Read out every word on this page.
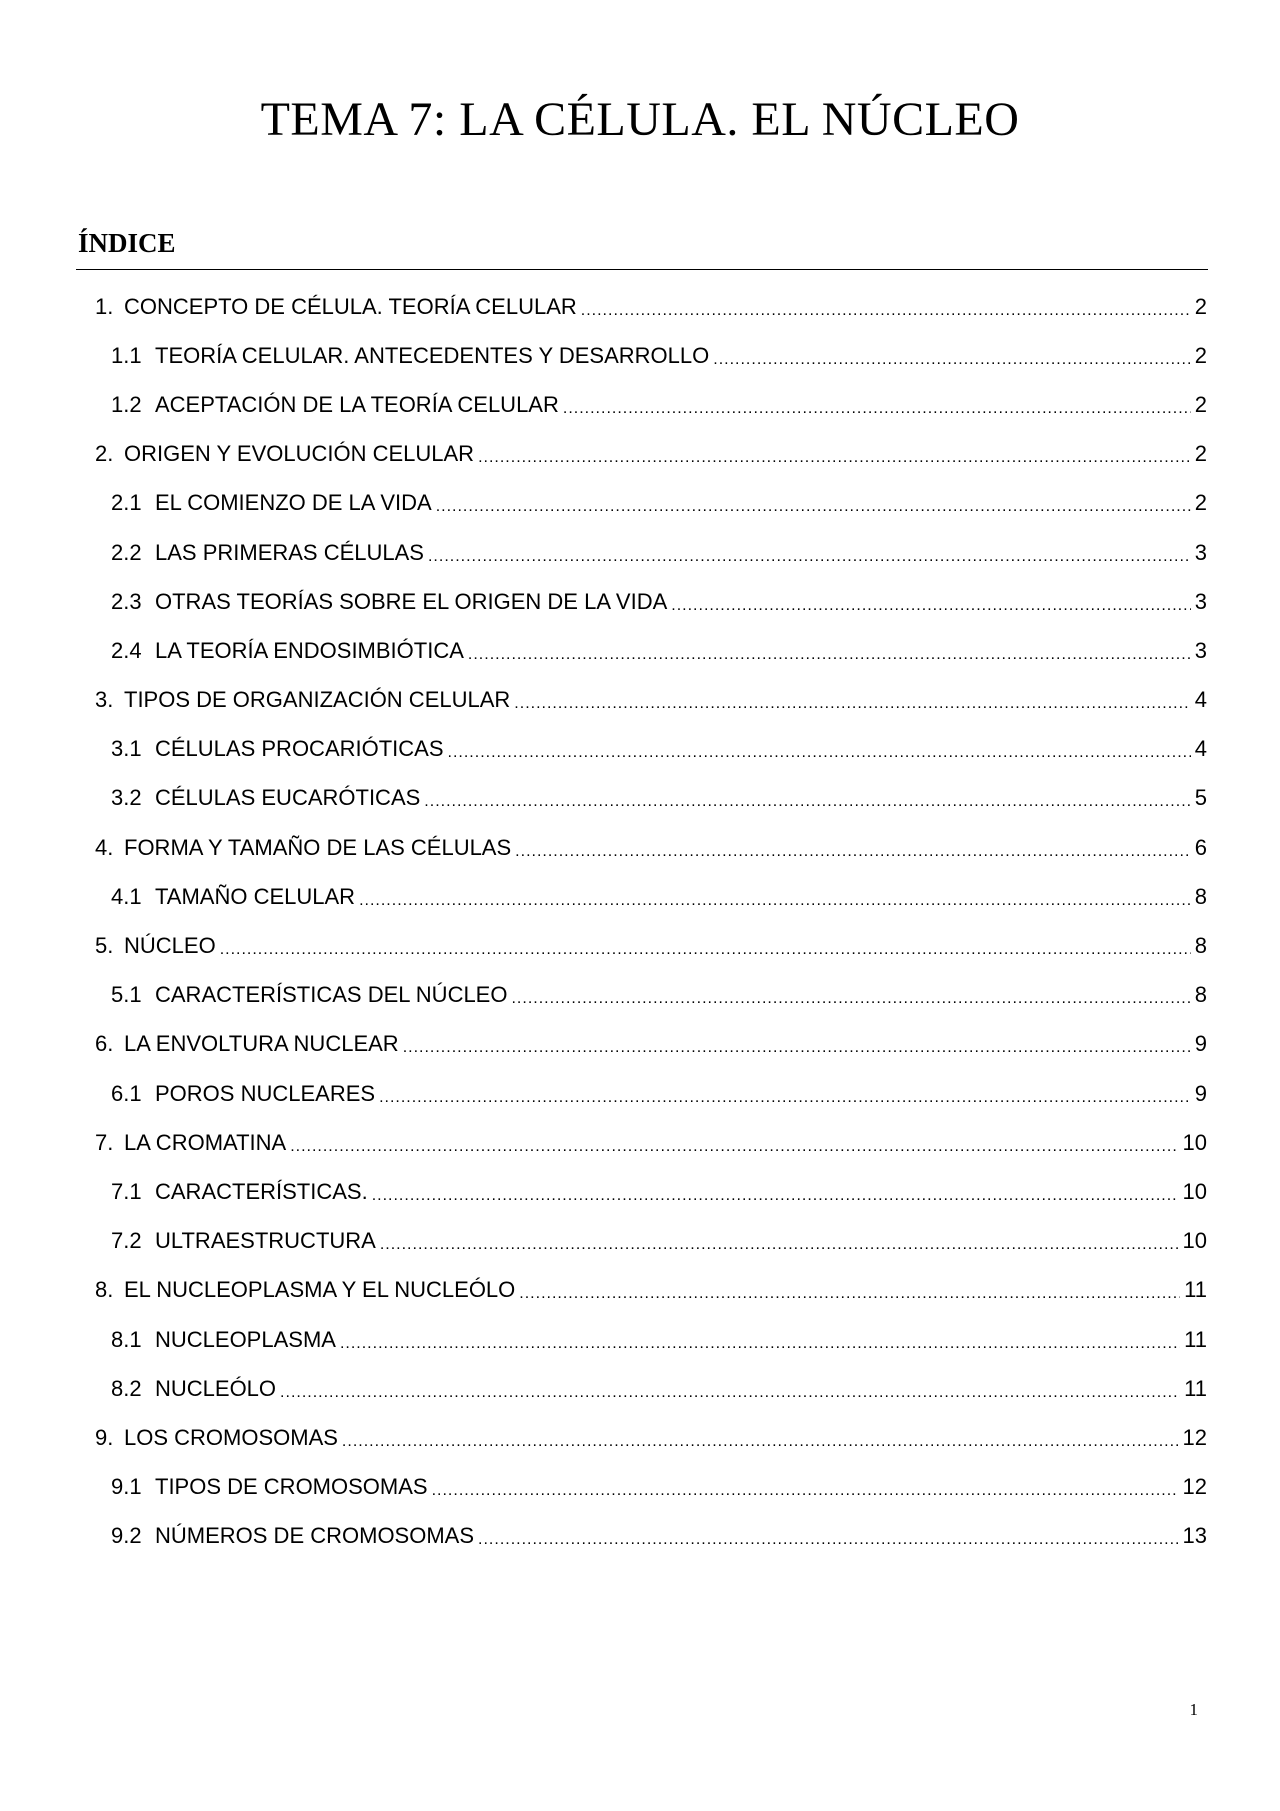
TEMA 7: LA CÉLULA. EL NÚCLEO
ÍNDICE
1. CONCEPTO DE CÉLULA. TEORÍA CELULAR .....	2
1.1 TEORÍA CELULAR. ANTECEDENTES Y DESARROLLO .....	2
1.2 ACEPTACIÓN DE LA TEORÍA CELULAR .....	2
2. ORIGEN Y EVOLUCIÓN CELULAR .....	2
2.1 EL COMIENZO DE LA VIDA .....	2
2.2 LAS PRIMERAS CÉLULAS .....	3
2.3 OTRAS TEORÍAS SOBRE EL ORIGEN DE LA VIDA .....	3
2.4 LA TEORÍA ENDOSIMBIÓTICA .....	3
3. TIPOS DE ORGANIZACIÓN CELULAR .....	4
3.1 CÉLULAS PROCARIÓTICAS .....	4
3.2 CÉLULAS EUCARÓTICAS .....	5
4. FORMA Y TAMAÑO DE LAS CÉLULAS .....	6
4.1 TAMAÑO CELULAR .....	8
5. NÚCLEO .....	8
5.1 CARACTERÍSTICAS DEL NÚCLEO .....	8
6. LA ENVOLTURA NUCLEAR .....	9
6.1 POROS NUCLEARES .....	9
7. LA CROMATINA .....	10
7.1 CARACTERÍSTICAS. .....	10
7.2 ULTRAESTRUCTURA .....	10
8. EL NUCLEOPLASMA Y EL NUCLEÓLO .....	11
8.1 NUCLEOPLASMA .....	11
8.2 NUCLEÓLO .....	11
9. LOS CROMOSOMAS .....	12
9.1 TIPOS DE CROMOSOMAS .....	12
9.2 NÚMEROS DE CROMOSOMAS .....	13
1
